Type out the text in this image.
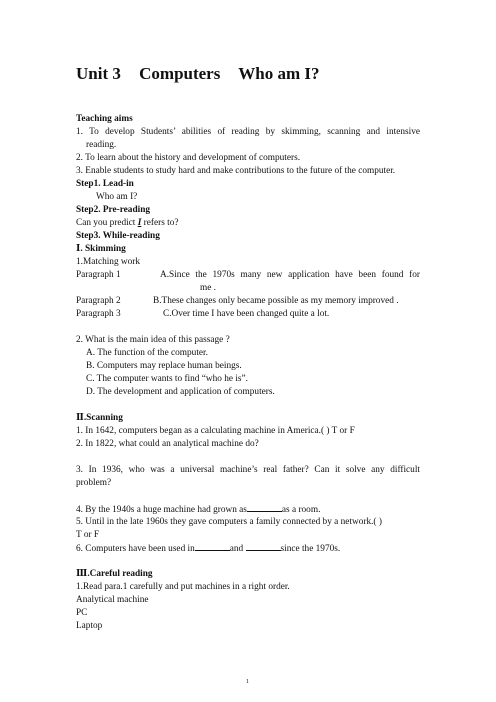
Unit 3 Computers Who am I?
Teaching aims
1. To develop Students’ abilities of reading by skimming, scanning and intensive
reading.
2. To learn about the history and development of computers.
3. Enable students to study hard and make contributions to the future of the computer.
Step1. Lead-in
Who am I?
Step2. Pre-reading
Can you predict I refers to?
Step3. While-reading
Ⅰ. Skimming
1.Matching work
Paragraph 1	A.Since the 1970s many new application have been found for
me .
Paragraph 2	B.These changes only became possible as my memory improved .
Paragraph 3	C.Over time I have been changed quite a lot.
2. What is the main idea of this passage ?
A. The function of the computer.
B. Computers may replace human beings.
C. The computer wants to find “who he is”.
D. The development and application of computers.
Ⅱ.Scanning
1. In 1642, computers began as a calculating machine in America.( ) T or F
2. In 1822, what could an analytical machine do?
3. In 1936, who was a universal machine’s real father? Can it solve any difficult
problem?
4. By the 1940s a huge machine had grown as	as a room.
5. Until in the late 1960s they gave computers a family connected by a network.( )
T or F
6. Computers have been used in	and	since the 1970s.
Ⅲ.Careful reading
1.Read para.1 carefully and put machines in a right order.
Analytical machine
PC
Laptop
1
